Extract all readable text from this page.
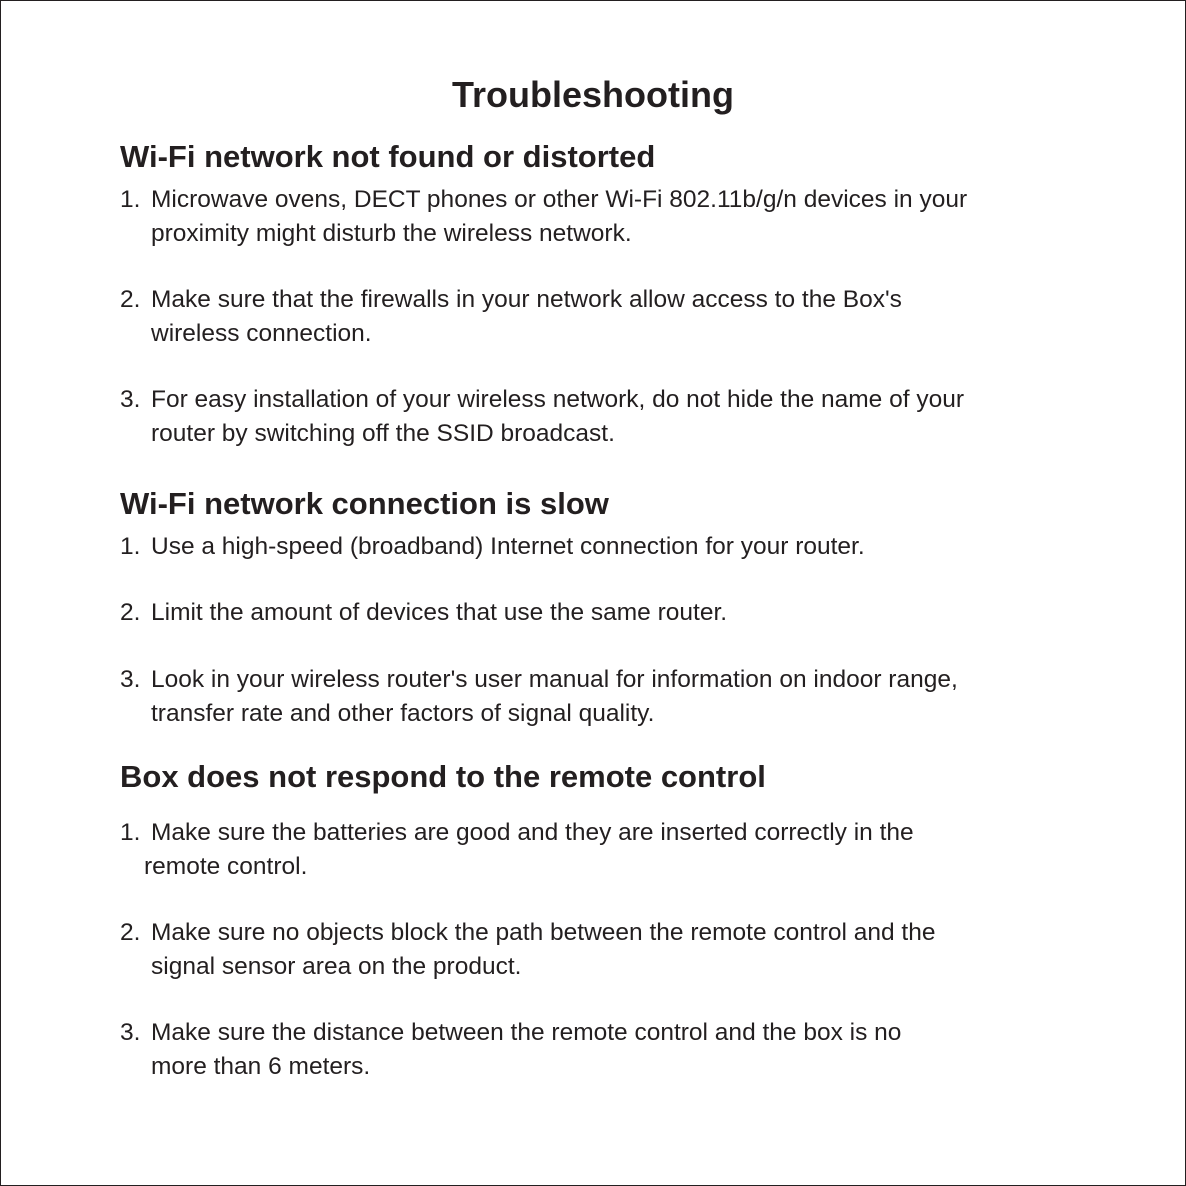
Troubleshooting
Wi-Fi network not found or distorted

1. Microwave ovens, DECT phones or other Wi-Fi 802.11b/g/n devices in your
proximity might disturb the wireless network.

2. Make sure that the firewalls in your network allow access to the Box's
wireless connection.

3. For easy installation of your wireless network, do not hide the name of your
router by switching off the SSID broadcast.

Wi-Fi network connection is slow

1. Use a high-speed (broadband) Internet connection for your router.

2. Limit the amount of devices that use the same router.

3. Look in your wireless router's user manual for information on indoor range,
transfer rate and other factors of signal quality.

Box does not respond to the remote control

1. Make sure the batteries are good and they are inserted correctly in the
remote control.

2. Make sure no objects block the path between the remote control and the
signal sensor area on the product.

3. Make sure the distance between the remote control and the box is no
more than 6 meters.
